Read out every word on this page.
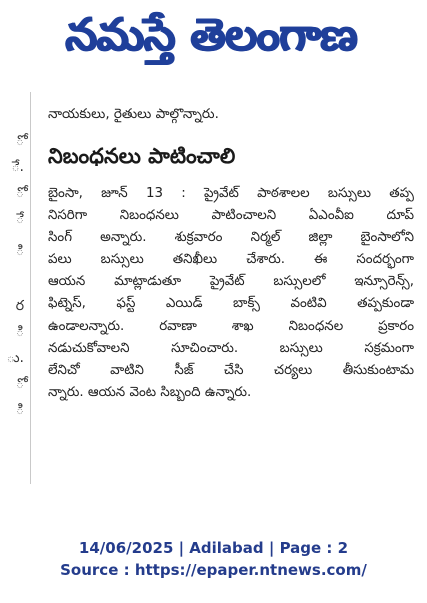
నమస్తే తెలంగాణ
ో
ే.
ో
ే
ి
ర
ి
ు.
ో
ి
నాయకులు, రైతులు పాల్గొన్నారు.
నిబంధనలు పాటించాలి
బైంసా, జూన్ 13 : ప్రైవేట్ పాఠశాలల బస్సులు తప్ప
నిసరిగా నిబంధనలు పాటించాలని ఏఎంవీఐ దూప్
సింగ్ అన్నారు. శుక్రవారం నిర్మల్ జిల్లా బైంసాలోని
పలు బస్సులు తనిఖీలు చేశారు. ఈ సందర్భంగా
ఆయన మాట్లాడుతూ ప్రైవేట్ బస్సులలో ఇన్సూరెన్స్,
ఫిట్నెస్, ఫస్ట్ ఎయిడ్ బాక్స్ వంటివి తప్పకుండా
ఉండాలన్నారు. రవాణా శాఖ నిబంధనల ప్రకారం
నడుచుకోవాలని సూచించారు. బస్సులు సక్రమంగా
లేనిచో వాటిని సీజ్ చేసి చర్యలు తీసుకుంటామ
న్నారు. ఆయన వెంట సిబ్బంది ఉన్నారు.
14/06/2025 | Adilabad | Page : 2
Source : https://epaper.ntnews.com/
